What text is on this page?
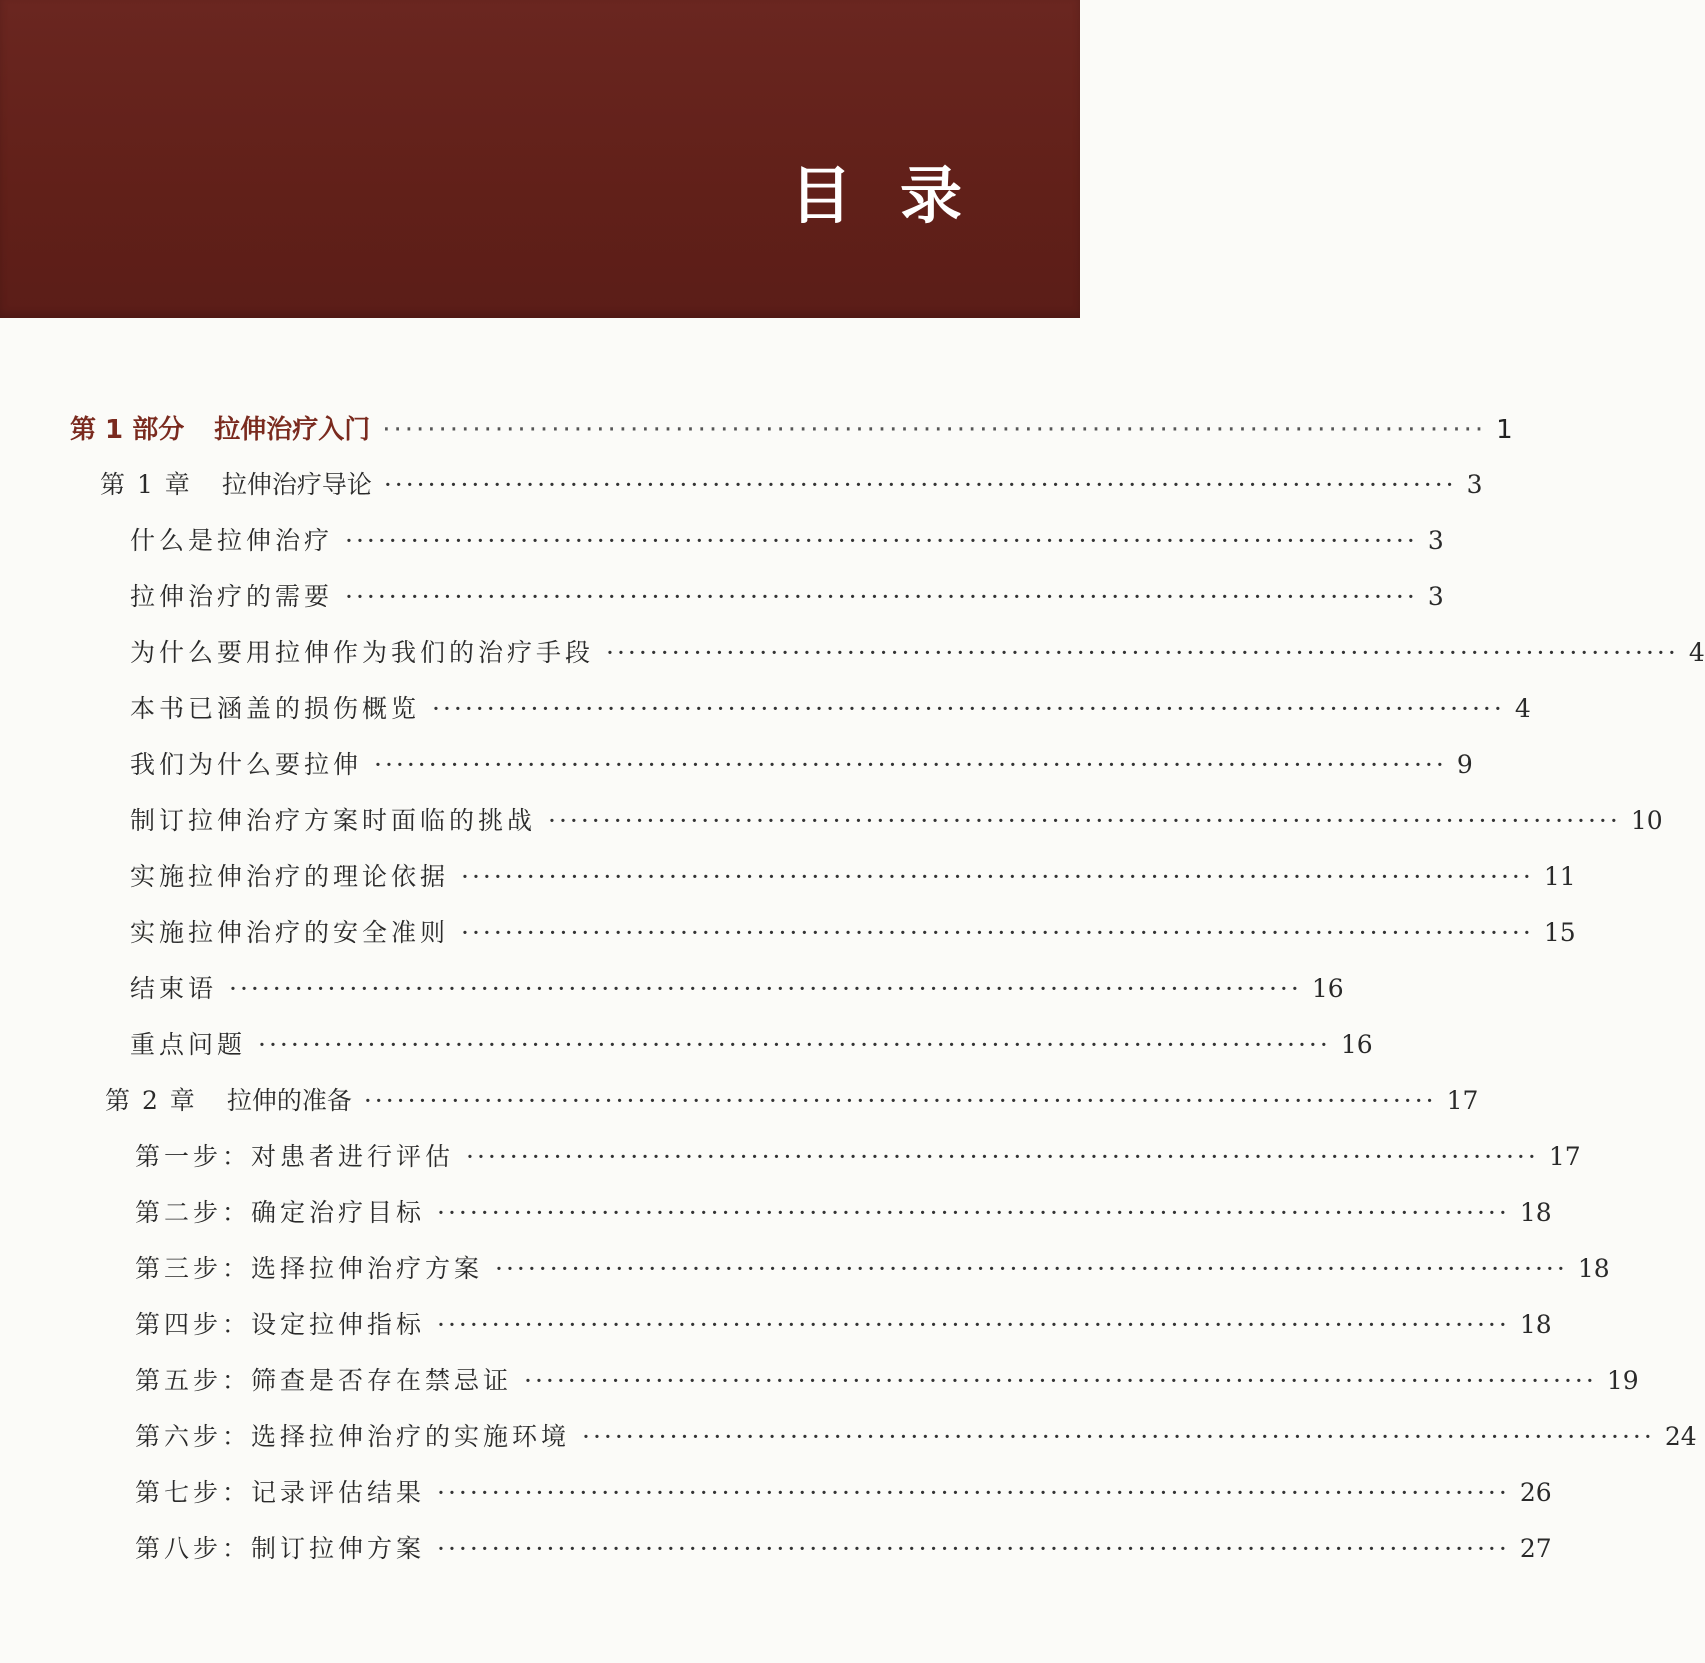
目录
第 1 部分 拉伸治疗入门 ·································································································· 1
第 1 章 拉伸治疗导论 ·································································································· 3
什么是拉伸治疗 ·································································································· 3
拉伸治疗的需要 ·································································································· 3
为什么要用拉伸作为我们的治疗手段 ·································································································· 4
本书已涵盖的损伤概览 ·································································································· 4
我们为什么要拉伸 ·································································································· 9
制订拉伸治疗方案时面临的挑战 ·································································································· 10
实施拉伸治疗的理论依据 ·································································································· 11
实施拉伸治疗的安全准则 ·································································································· 15
结束语 ·································································································· 16
重点问题 ·································································································· 16
第 2 章 拉伸的准备 ·································································································· 17
第一步：对患者进行评估 ·································································································· 17
第二步：确定治疗目标 ·································································································· 18
第三步：选择拉伸治疗方案 ·································································································· 18
第四步：设定拉伸指标 ·································································································· 18
第五步：筛查是否存在禁忌证 ·································································································· 19
第六步：选择拉伸治疗的实施环境 ·································································································· 24
第七步：记录评估结果 ·································································································· 26
第八步：制订拉伸方案 ·································································································· 27
